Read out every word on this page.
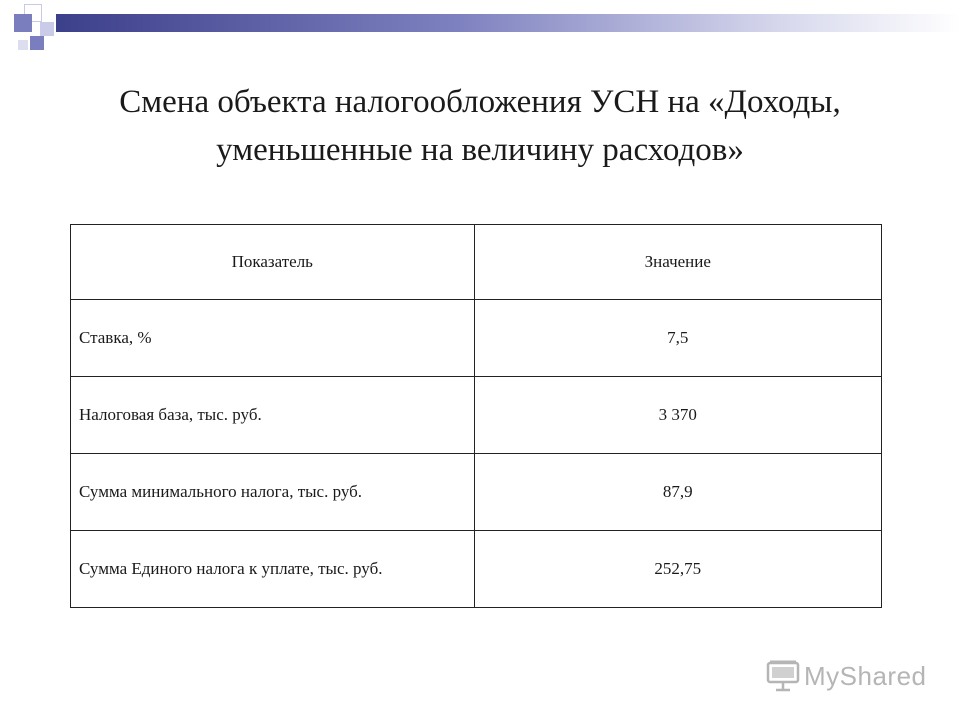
Смена объекта налогообложения УСН на «Доходы, уменьшенные на величину расходов»
Показатель	Значение
Ставка, %	7,5
Налоговая база, тыс. руб.	3 370
Сумма минимального налога, тыс. руб.	87,9
Сумма Единого налога к уплате, тыс. руб.	252,75
MyShared
